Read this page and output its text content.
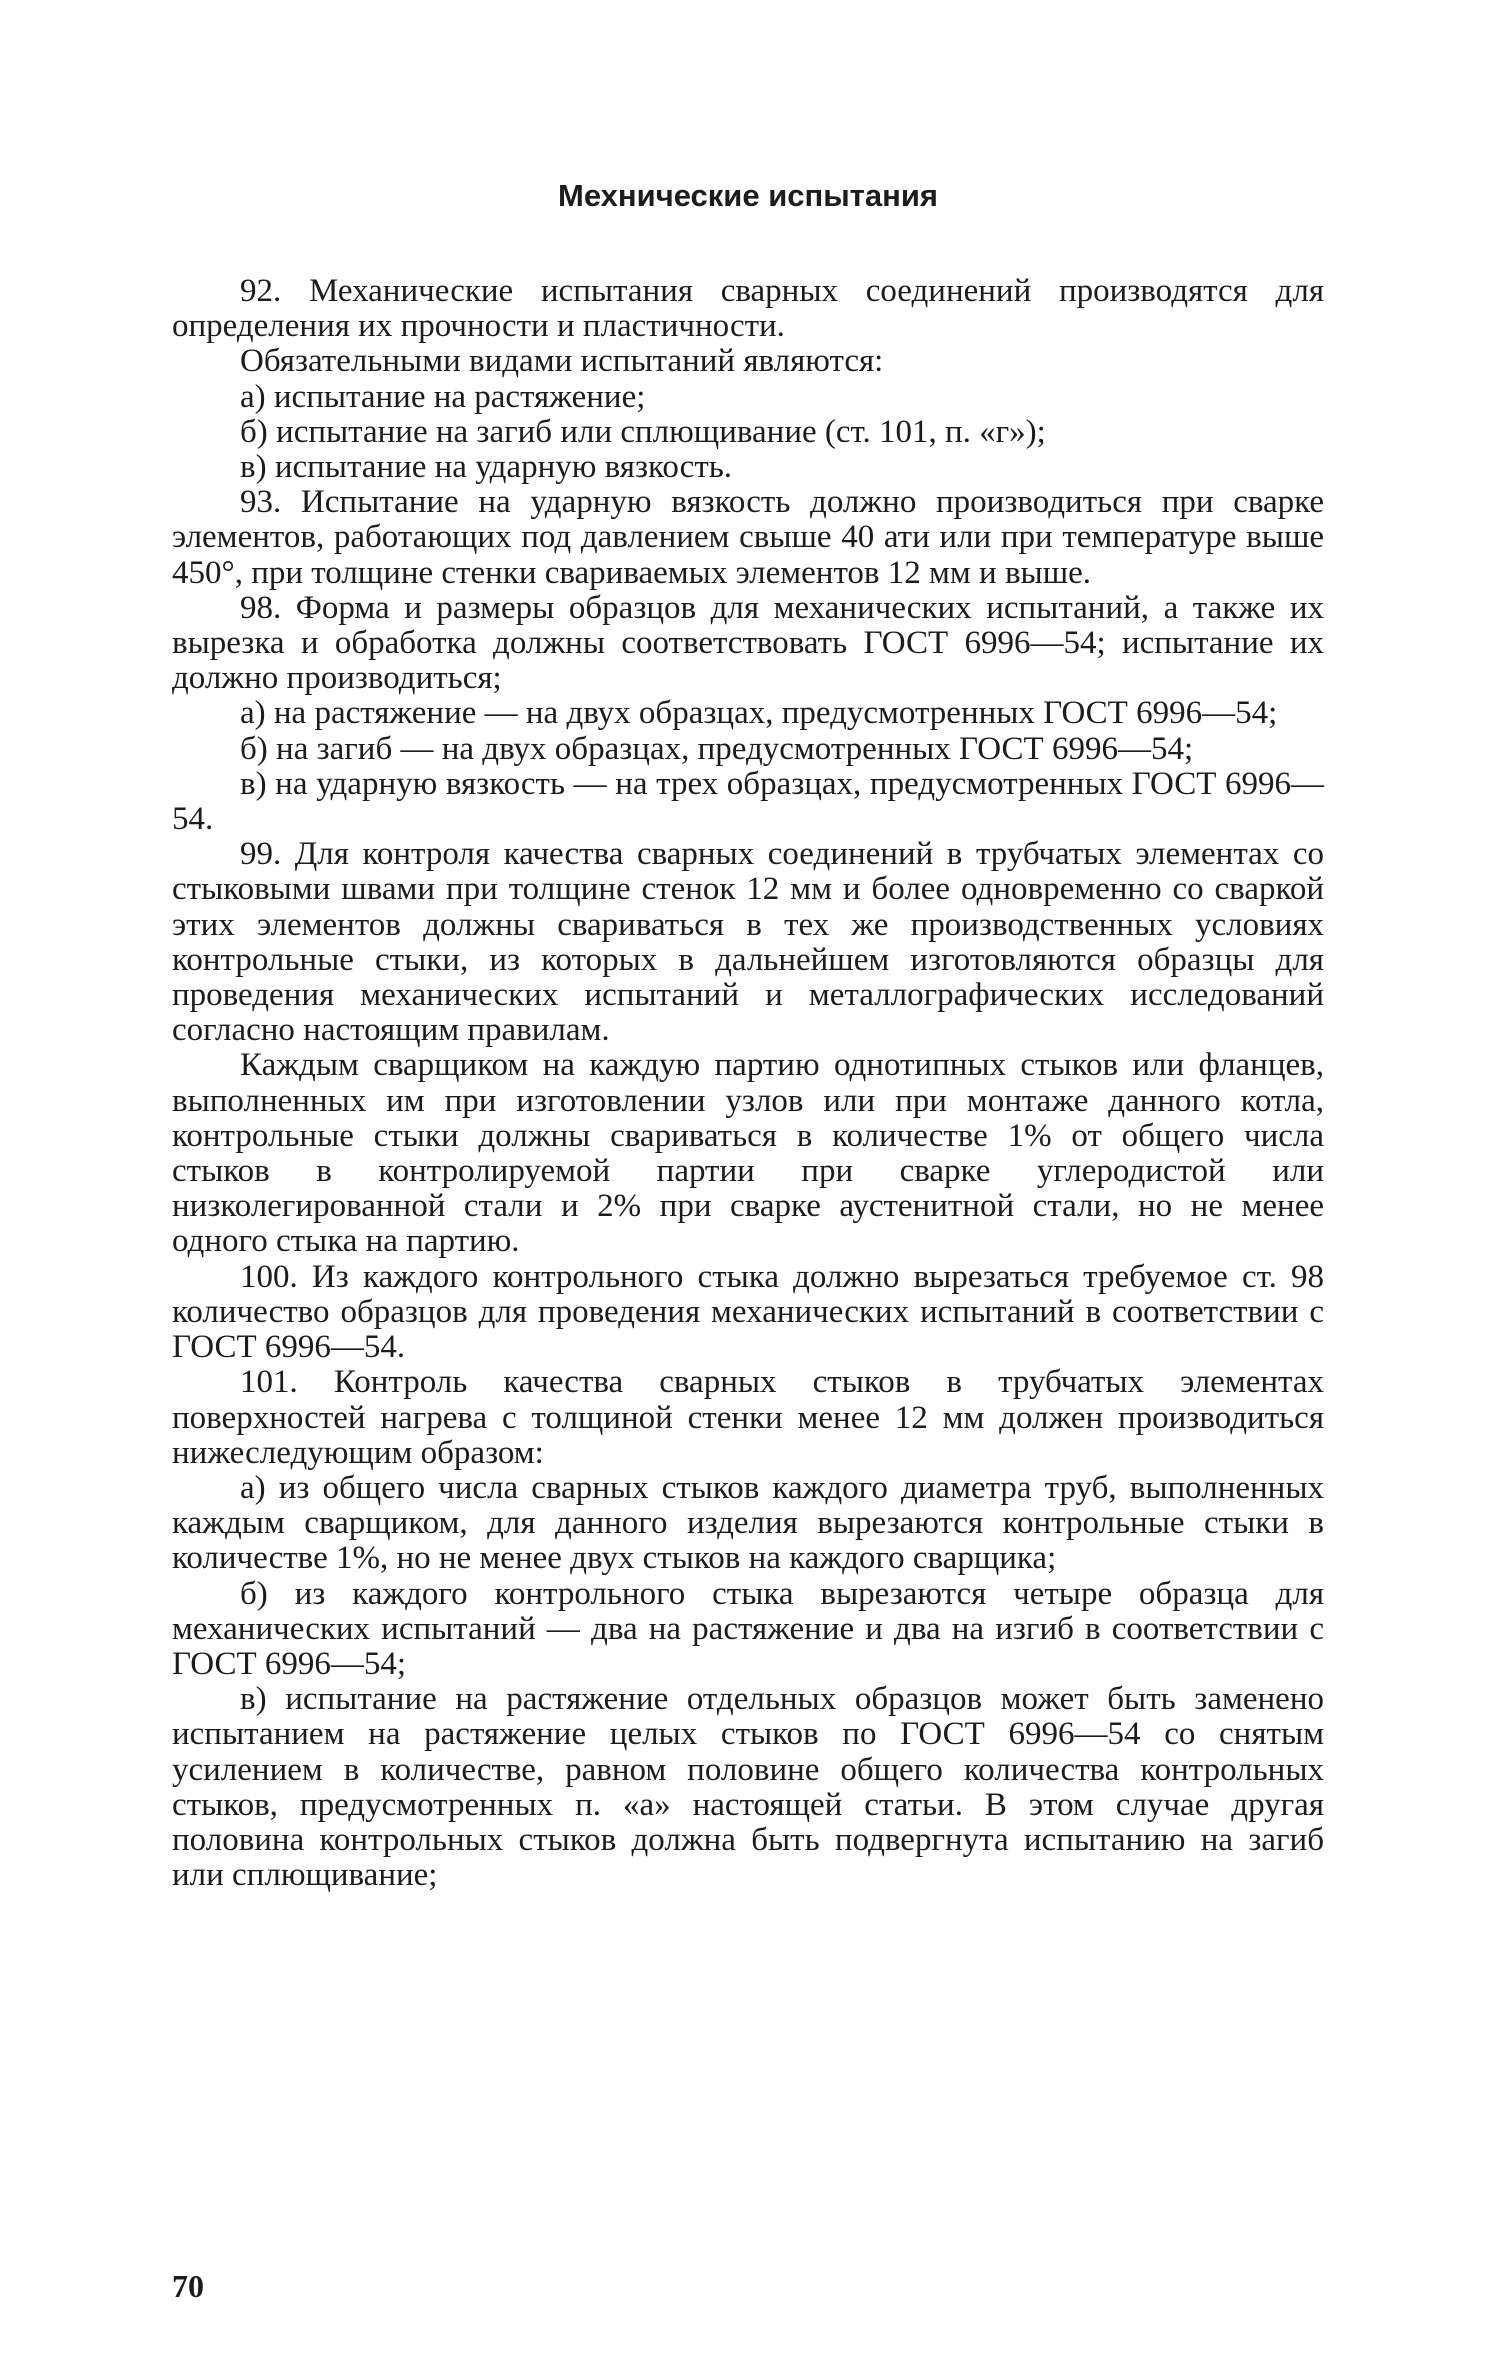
Мехнические испытания

92. Механические испытания сварных соединений производятся для определения их прочности и пластичности.

Обязательными видами испытаний являются:

а) испытание на растяжение;

б) испытание на загиб или сплющивание (ст. 101, п. «г»);

в) испытание на ударную вязкость.

93. Испытание на ударную вязкость должно производиться при сварке элементов, работающих под давлением свыше 40 ати или при температуре выше 450°, при толщине стенки свариваемых элементов 12 мм и выше.

98. Форма и размеры образцов для механических испытаний, а также их вырезка и обработка должны соответствовать ГОСТ 6996—54; испытание их должно производиться;

а) на растяжение — на двух образцах, предусмотренных ГОСТ 6996—54;

б) на загиб — на двух образцах, предусмотренных ГОСТ 6996—54;

в) на ударную вязкость — на трех образцах, предусмотренных ГОСТ 6996—54.

99. Для контроля качества сварных соединений в трубчатых элементах со стыковыми швами при толщине стенок 12 мм и более одновременно со сваркой этих элементов должны свариваться в тех же производственных условиях контрольные стыки, из которых в дальнейшем изготовляются образцы для проведения механических испытаний и металлографических исследований согласно настоящим правилам.

Каждым сварщиком на каждую партию однотипных стыков или фланцев, выполненных им при изготовлении узлов или при монтаже данного котла, контрольные стыки должны свариваться в количестве 1% от общего числа стыков в контролируемой партии при сварке углеродистой или низколегированной стали и 2% при сварке аустенитной стали, но не менее одного стыка на партию.

100. Из каждого контрольного стыка должно вырезаться требуемое ст. 98 количество образцов для проведения механических испытаний в соответствии с ГОСТ 6996—54.

101. Контроль качества сварных стыков в трубчатых элементах поверхностей нагрева с толщиной стенки менее 12 мм должен производиться нижеследующим образом:

а) из общего числа сварных стыков каждого диаметра труб, выполненных каждым сварщиком, для данного изделия вырезаются контрольные стыки в количестве 1%, но не менее двух стыков на каждого сварщика;

б) из каждого контрольного стыка вырезаются четыре образца для механических испытаний — два на растяжение и два на изгиб в соответствии с ГОСТ 6996—54;

в) испытание на растяжение отдельных образцов может быть заменено испытанием на растяжение целых стыков по ГОСТ 6996—54 со снятым усилением в количестве, равном половине общего количества контрольных стыков, предусмотренных п. «а» настоящей статьи. В этом случае другая половина контрольных стыков должна быть подвергнута испытанию на загиб или сплющивание;

70
